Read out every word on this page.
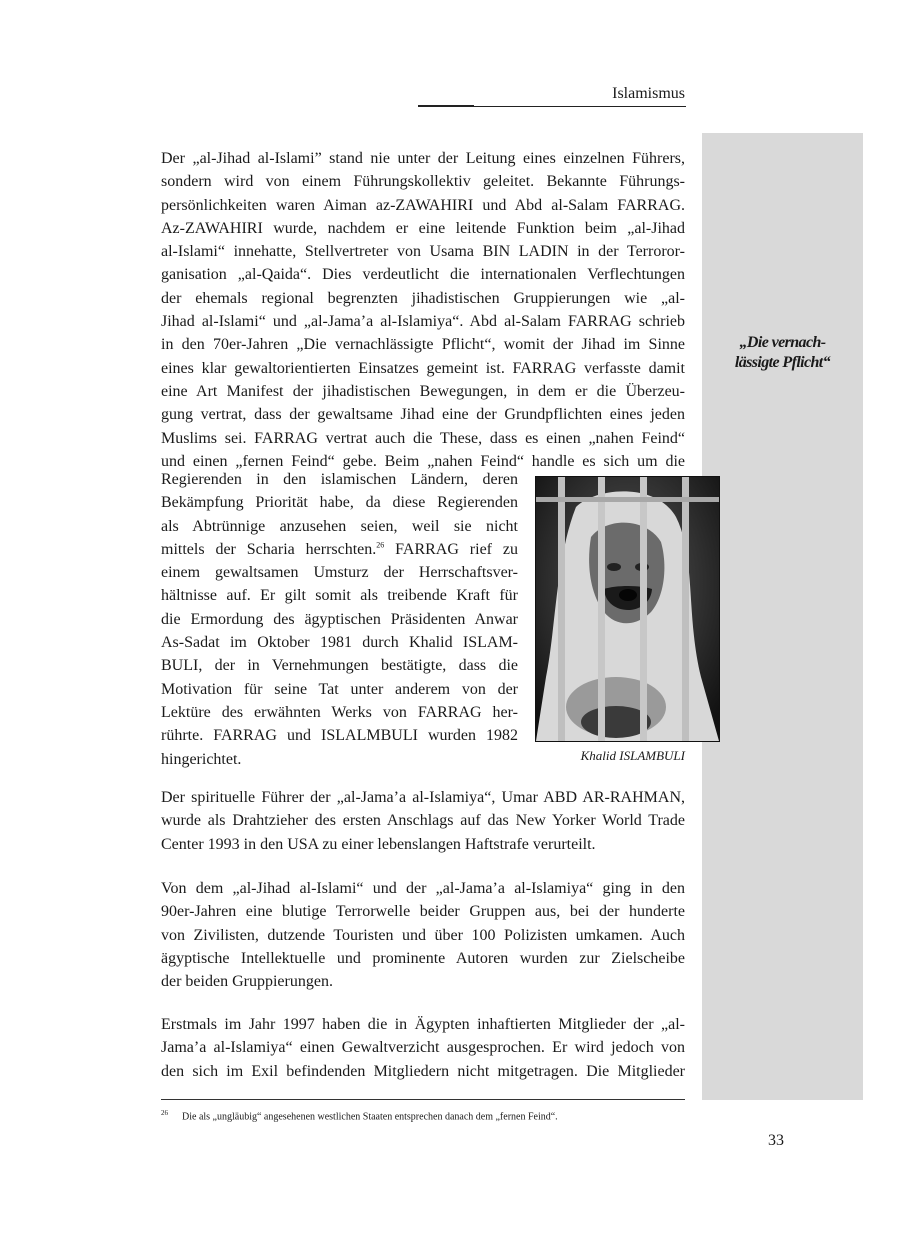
Islamismus
„Die vernach-
lässigte Pflicht“
Der „al-Jihad al-Islami” stand nie unter der Leitung eines einzelnen Führers,
sondern wird von einem Führungskollektiv geleitet. Bekannte Führungs-
persönlichkeiten waren Aiman az-ZAWAHIRI und Abd al-Salam FARRAG.
Az-ZAWAHIRI wurde, nachdem er eine leitende Funktion beim „al-Jihad
al-Islami“ innehatte, Stellvertreter von Usama BIN LADIN in der Terroror-
ganisation „al-Qaida“. Dies verdeutlicht die internationalen Verflechtungen
der ehemals regional begrenzten jihadistischen Gruppierungen wie „al-
Jihad al-Islami“ und „al-Jama’a al-Islamiya“. Abd al-Salam FARRAG schrieb
in den 70er-Jahren „Die vernachlässigte Pflicht“, womit der Jihad im Sinne
eines klar gewaltorientierten Einsatzes gemeint ist. FARRAG verfasste damit
eine Art Manifest der jihadistischen Bewegungen, in dem er die Überzeu-
gung vertrat, dass der gewaltsame Jihad eine der Grundpflichten eines jeden
Muslims sei. FARRAG vertrat auch die These, dass es einen „nahen Feind“
und einen „fernen Feind“ gebe. Beim „nahen Feind“ handle es sich um die
Regierenden in den islamischen Ländern, deren
Bekämpfung Priorität habe, da diese Regierenden
als Abtrünnige anzusehen seien, weil sie nicht
mittels der Scharia herrschten.$^{26}$ FARRAG rief zu
einem gewaltsamen Umsturz der Herrschaftsver-
hältnisse auf. Er gilt somit als treibende Kraft für
die Ermordung des ägyptischen Präsidenten Anwar
As-Sadat im Oktober 1981 durch Khalid ISLAM-
BULI, der in Vernehmungen bestätigte, dass die
Motivation für seine Tat unter anderem von der
Lektüre des erwähnten Werks von FARRAG her-
rührte. FARRAG und ISLALMBULI wurden 1982
hingerichtet.	Khalid ISLAMBULI
Der spirituelle Führer der „al-Jama’a al-Islamiya“, Umar ABD AR-RAHMAN,
wurde als Drahtzieher des ersten Anschlags auf das New Yorker World Trade
Center 1993 in den USA zu einer lebenslangen Haftstrafe verurteilt.
Von dem „al-Jihad al-Islami“ und der „al-Jama’a al-Islamiya“ ging in den
90er-Jahren eine blutige Terrorwelle beider Gruppen aus, bei der hunderte
von Zivilisten, dutzende Touristen und über 100 Polizisten umkamen. Auch
ägyptische Intellektuelle und prominente Autoren wurden zur Zielscheibe
der beiden Gruppierungen.
Erstmals im Jahr 1997 haben die in Ägypten inhaftierten Mitglieder der „al-
Jama’a al-Islamiya“ einen Gewaltverzicht ausgesprochen. Er wird jedoch von
den sich im Exil befindenden Mitgliedern nicht mitgetragen. Die Mitglieder
$^{26}$ Die als „ungläubig“ angesehenen westlichen Staaten entsprechen danach dem „fernen Feind“.
33
